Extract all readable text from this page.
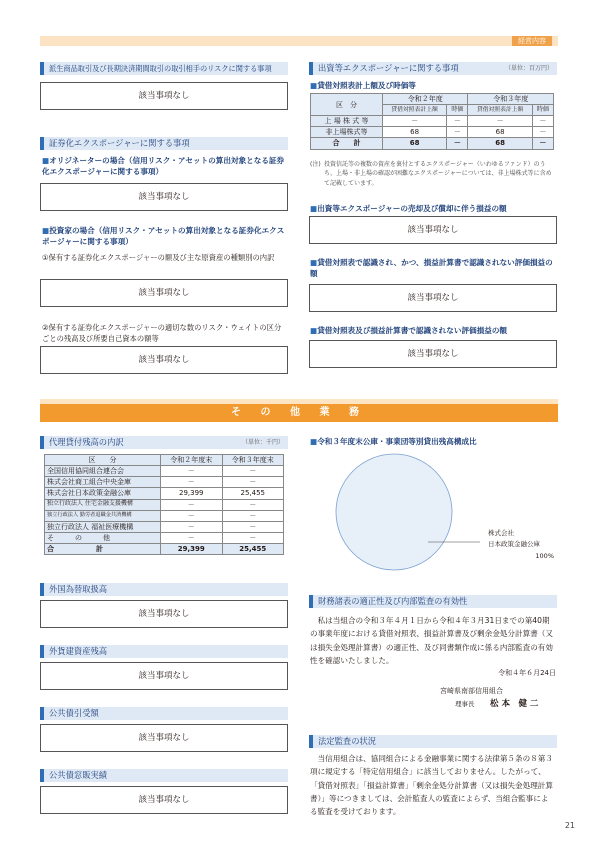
経営内容
派生商品取引及び長期決済期間取引の取引相手のリスクに関する事項
該当事項なし
証券化エクスポージャーに関する事項
■ オリジネーターの場合（信用リスク・アセットの算出対象となる証券化エクスポージャーに関する事項）
該当事項なし
■ 投資家の場合（信用リスク・アセットの算出対象となる証券化エクスポージャーに関する事項）
①保有する証券化エクスポージャーの額及び主な原資産の種類別の内訳
該当事項なし
②保有する証券化エクスポージャーの適切な数のリスク・ウェイトの区分ごとの残高及び所要自己資本の額等
該当事項なし
出資等エクスポージャーに関する事項	（単位：百万円）
■ 貸借対照表計上額及び時価等
区　分	令和２年度		令和３年度	
	貸借対照表計上額	時価	貸借対照表計上額	時価
上 場 株 式 等	－	－	－	－
非上場株式等	68	－	68	－
合　　計	68	－	68	－
(注) 投資信託等の複数の資産を裏付とするエクスポージャー（いわゆるファンド）のうち、上場・非上場の確認が困難なエクスポージャーについては、非上場株式等に含めて記載しています。
■ 出資等エクスポージャーの売却及び償却に伴う損益の額
該当事項なし
■ 貸借対照表で認識され、かつ、損益計算書で認識されない評価損益の額
該当事項なし
■ 貸借対照表及び損益計算書で認識されない評価損益の額
該当事項なし
そ の 他 業 務
代理貸付残高の内訳	（単位：千円）
区　　分	令和２年度末	令和３年度末
全国信用協同組合連合会	－	－
株式会社商工組合中央金庫	－	－
株式会社日本政策金融公庫	29,399	25,455
独立行政法人 住宅金融支援機構	－	－
独立行政法人 勤労者退職金共済機構	－	－
独立行政法人 福祉医療機構	－	－
そ　　　の　　　他	－	－
合　　　　　　計	29,399	25,455
外国為替取扱高
該当事項なし
外貨建資産残高
該当事項なし
公共債引受額
該当事項なし
公共債窓販実績
該当事項なし
■ 令和３年度末公庫・事業団等別貸出残高構成比
株式会社
日本政策金融公庫
100%
財務諸表の適正性及び内部監査の有効性
私は当組合の令和３年４月１日から令和４年３月31日までの第40期の事業年度における貸借対照表、損益計算書及び剰余金処分計算書（又は損失金処理計算書）の適正性、及び同書類作成に係る内部監査の有効性を確認いたしました。
令和４年６月24日
宮崎県南部信用組合
理事長 松 本　健 二
法定監査の状況
当信用組合は、協同組合による金融事業に関する法律第５条の８第３項に規定する「特定信用組合」に該当しておりません。したがって、「貸借対照表」「損益計算書」「剰余金処分計算書（又は損失金処理計算書）」等につきましては、会計監査人の監査によらず、当組合監事による監査を受けております。
21
